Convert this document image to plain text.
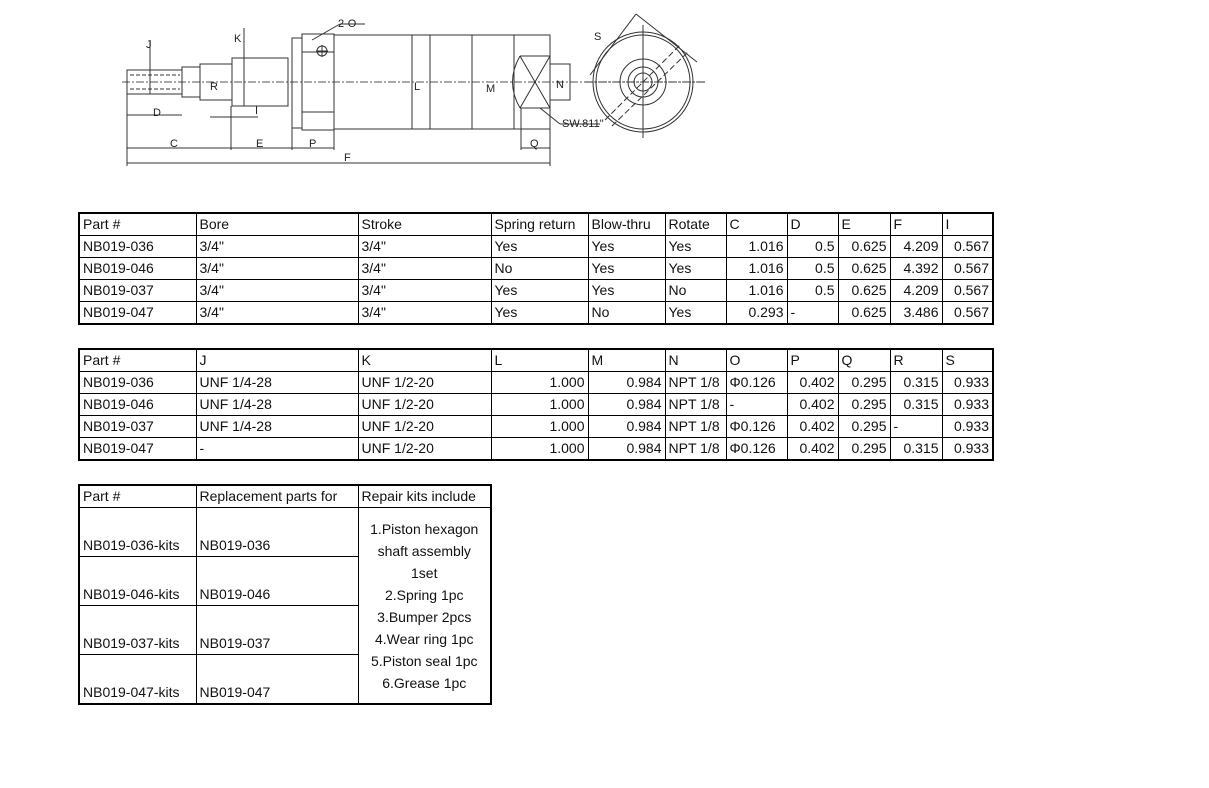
D
C	E	P
F
Q
I
2-O
SW.811"
S
J	K
R	L	M	N
Part #	Bore	Stroke	Spring return	Blow-thru	Rotate	C	D	E	F	I
NB019-036	3/4"	3/4"	Yes	Yes	Yes	1.016	0.5	0.625	4.209	0.567
NB019-046	3/4"	3/4"	No	Yes	Yes	1.016	0.5	0.625	4.392	0.567
NB019-037	3/4"	3/4"	Yes	Yes	No	1.016	0.5	0.625	4.209	0.567
NB019-047	3/4"	3/4"	Yes	No	Yes	0.293	-	0.625	3.486	0.567
Part #	J	K	L	M	N	O	P	Q	R	S
NB019-036	UNF 1/4-28	UNF 1/2-20	1.000	0.984	NPT 1/8	Φ0.126	0.402	0.295	0.315	0.933
NB019-046	UNF 1/4-28	UNF 1/2-20	1.000	0.984	NPT 1/8	-	0.402	0.295	0.315	0.933
NB019-037	UNF 1/4-28	UNF 1/2-20	1.000	0.984	NPT 1/8	Φ0.126	0.402	0.295	-	0.933
NB019-047	-	UNF 1/2-20	1.000	0.984	NPT 1/8	Φ0.126	0.402	0.295	0.315	0.933
Part #	Replacement parts for	Repair kits include
NB019-036-kits	NB019-036	
1.Piston hexagon
shaft assembly
1set
2.Spring 1pc
3.Bumper 2pcs
4.Wear ring 1pc
5.Piston seal 1pc
6.Grease 1pc

NB019-046-kits	NB019-046	
NB019-037-kits	NB019-037	
NB019-047-kits	NB019-047	
